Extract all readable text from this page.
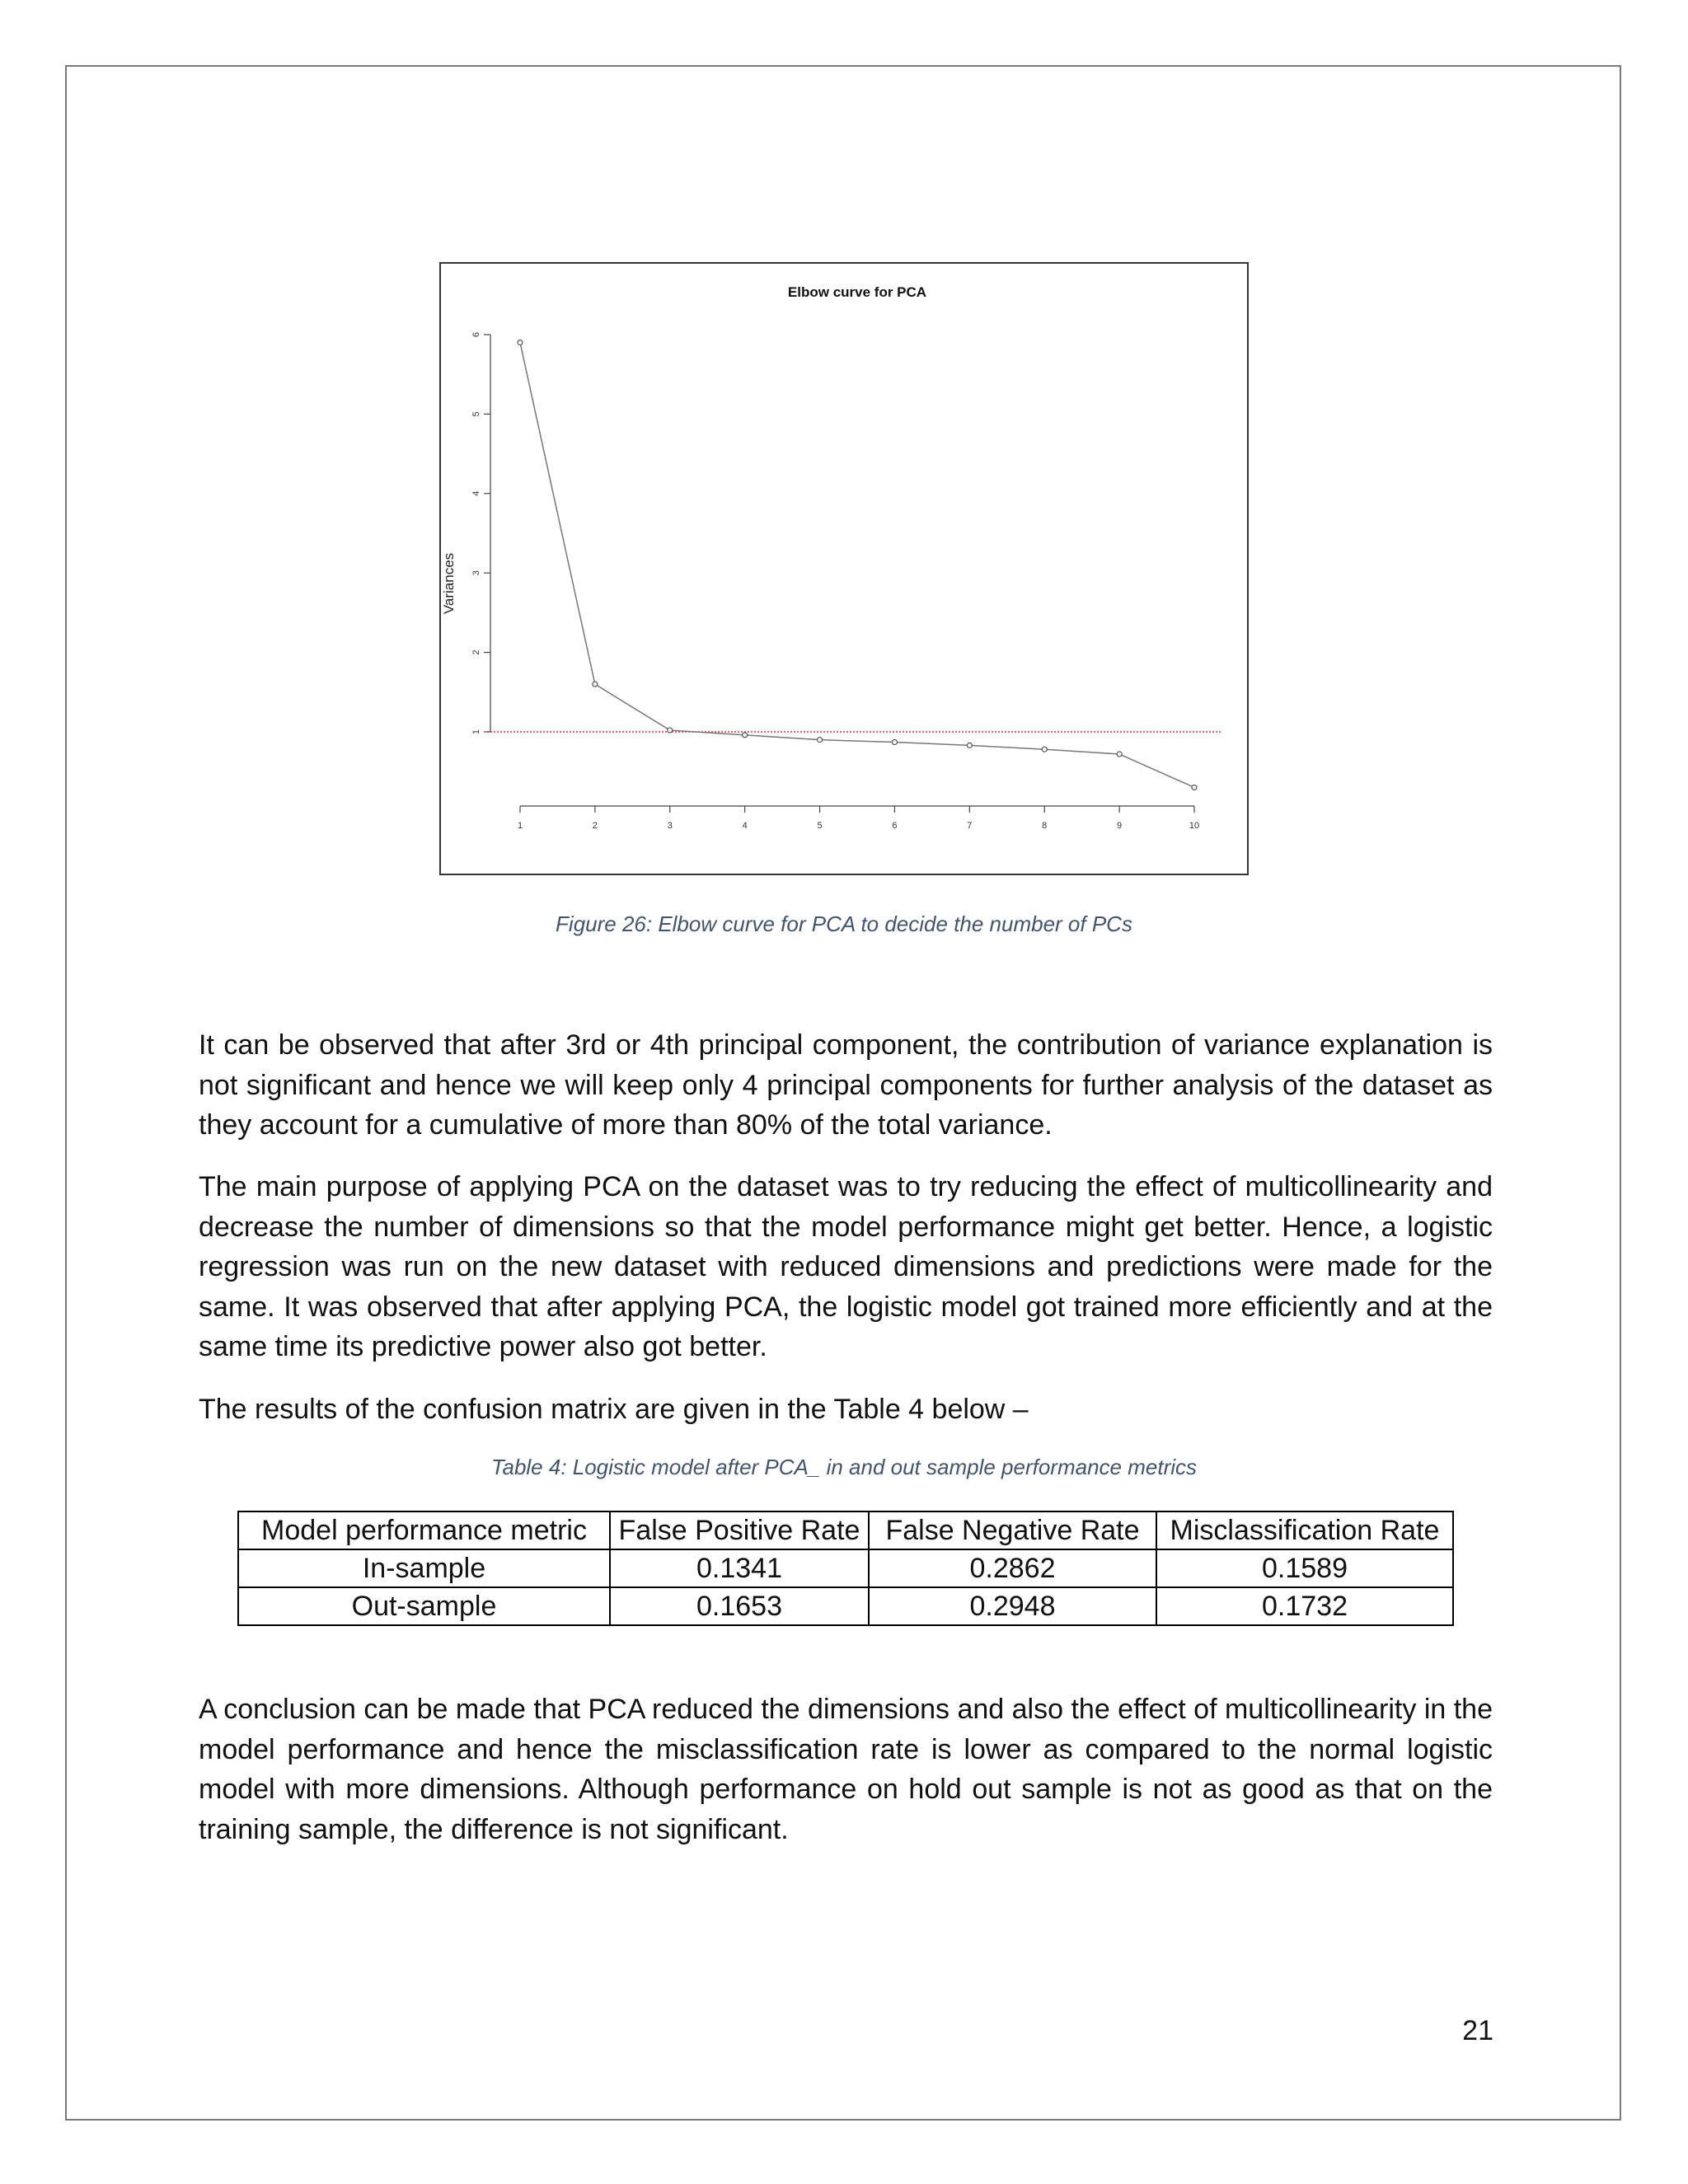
Elbow curve for PCA
Variances
1
2
3
4
5
6
1	2	3	4	5	6	7	8	9	10
Figure 26: Elbow curve for PCA to decide the number of PCs

It can be observed that after 3rd or 4th principal component, the contribution of variance explanation is not significant and hence we will keep only 4 principal components for further analysis of the dataset as they account for a cumulative of more than 80% of the total variance.

The main purpose of applying PCA on the dataset was to try reducing the effect of multicollinearity and decrease the number of dimensions so that the model performance might get better. Hence, a logistic regression was run on the new dataset with reduced dimensions and predictions were made for the same. It was observed that after applying PCA, the logistic model got trained more efficiently and at the same time its predictive power also got better.

The results of the confusion matrix are given in the Table 4 below –

Table 4: Logistic model after PCA_ in and out sample performance metrics
Model performance metric	False Positive Rate	False Negative Rate	Misclassification Rate
In-sample	0.1341	0.2862	0.1589
Out-sample	0.1653	0.2948	0.1732

A conclusion can be made that PCA reduced the dimensions and also the effect of multicollinearity in the model performance and hence the misclassification rate is lower as compared to the normal logistic model with more dimensions. Although performance on hold out sample is not as good as that on the training sample, the difference is not significant.

21
